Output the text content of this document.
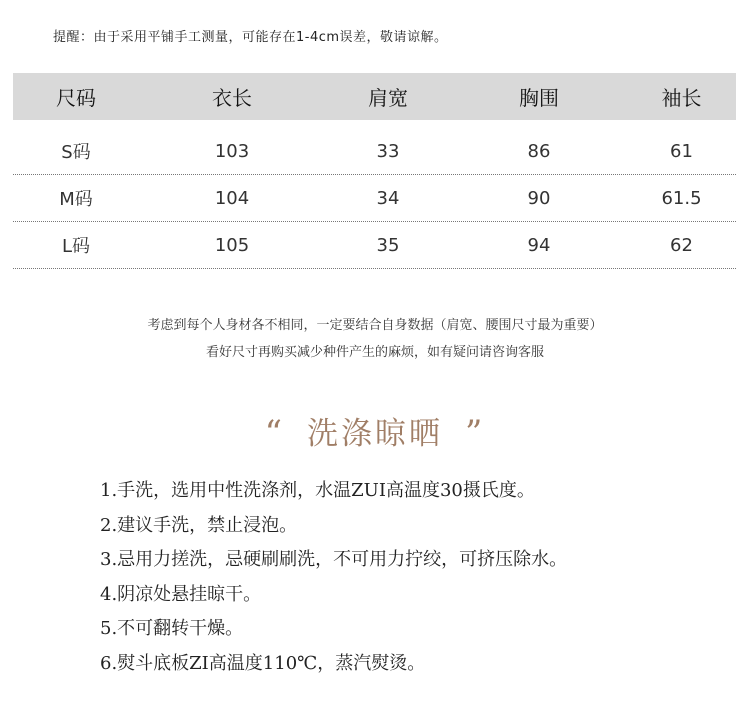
提醒：由于采用平铺手工测量，可能存在1-4cm误差，敬请谅解。
尺码	衣长	肩宽	胸围	袖长
S码	103	33	86	61
M码	104	34	90	61.5
L码	105	35	94	62
考虑到每个人身材各不相同，一定要结合自身数据（肩宽、腰围尺寸最为重要）
看好尺寸再购买减少种件产生的麻烦，如有疑问请咨询客服
“ 洗涤晾晒 ”
1.手洗，选用中性洗涤剂，水温ZUI高温度30摄氏度。
2.建议手洗，禁止浸泡。
3.忌用力搓洗，忌硬刷刷洗，不可用力拧绞，可挤压除水。
4.阴凉处悬挂晾干。
5.不可翻转干燥。
6.熨斗底板ZI高温度110℃，蒸汽熨烫。
